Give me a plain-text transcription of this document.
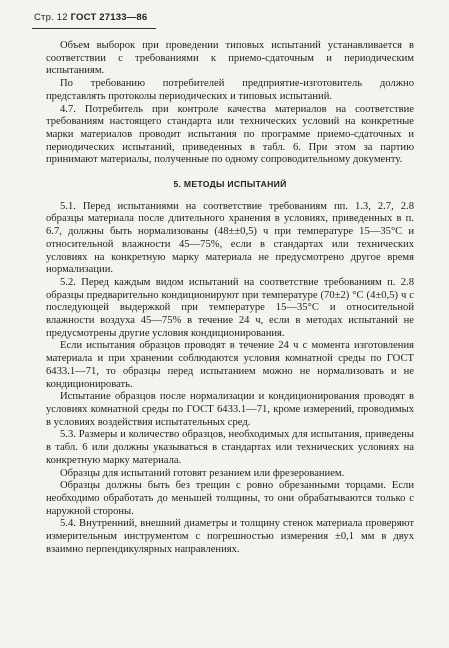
Стр. 12 ГОСТ 27133—86

Объем выборок при проведении типовых испытаний устанавливается в соответствии с требованиями к приемо-сдаточным и периодическим испытаниям.

По требованию потребителей предприятие-изготовитель должно представлять протоколы периодических и типовых испытаний.

4.7. Потребитель при контроле качества материалов на соответствие требованиям настоящего стандарта или технических условий на конкретные марки материалов проводит испытания по программе приемо-сдаточных и периодических испытаний, приведенных в табл. 6. При этом за партию принимают материалы, полученные по одному сопроводительному документу.

5. МЕТОДЫ ИСПЫТАНИЙ

5.1. Перед испытаниями на соответствие требованиям пп. 1.3, 2.7, 2.8 образцы материала после длительного хранения в условиях, приведенных в п. 6.7, должны быть нормализованы (48±±0,5) ч при температуре 15—35°С и относительной влажности 45—75%, если в стандартах или технических условиях на конкретную марку материала не предусмотрено другое время нормализации.

5.2. Перед каждым видом испытаний на соответствие требованиям п. 2.8 образцы предварительно кондиционируют при температуре (70±2) °С (4±0,5) ч с последующей выдержкой при температуре 15—35°С и относительной влажности воздуха 45—75% в течение 24 ч, если в методах испытаний не предусмотрены другие условия кондиционирования.

Если испытания образцов проводят в течение 24 ч с момента изготовления материала и при хранении соблюдаются условия комнатной среды по ГОСТ 6433.1—71, то образцы перед испытанием можно не нормализовать и не кондиционировать.

Испытание образцов после нормализации и кондиционирования проводят в условиях комнатной среды по ГОСТ 6433.1—71, кроме измерений, проводимых в условиях воздействия испытательных сред.

5.3. Размеры и количество образцов, необходимых для испытания, приведены в табл. 6 или должны указываться в стандартах или технических условиях на конкретную марку материала.

Образцы для испытаний готовят резанием или фрезерованием.

Образцы должны быть без трещин с ровно обрезанными торцами. Если необходимо обработать до меньшей толщины, то они обрабатываются только с наружной стороны.

5.4. Внутренний, внешний диаметры и толщину стенок материала проверяют измерительным инструментом с погрешностью измерения ±0,1 мм в двух взаимно перпендикулярных направлениях.
